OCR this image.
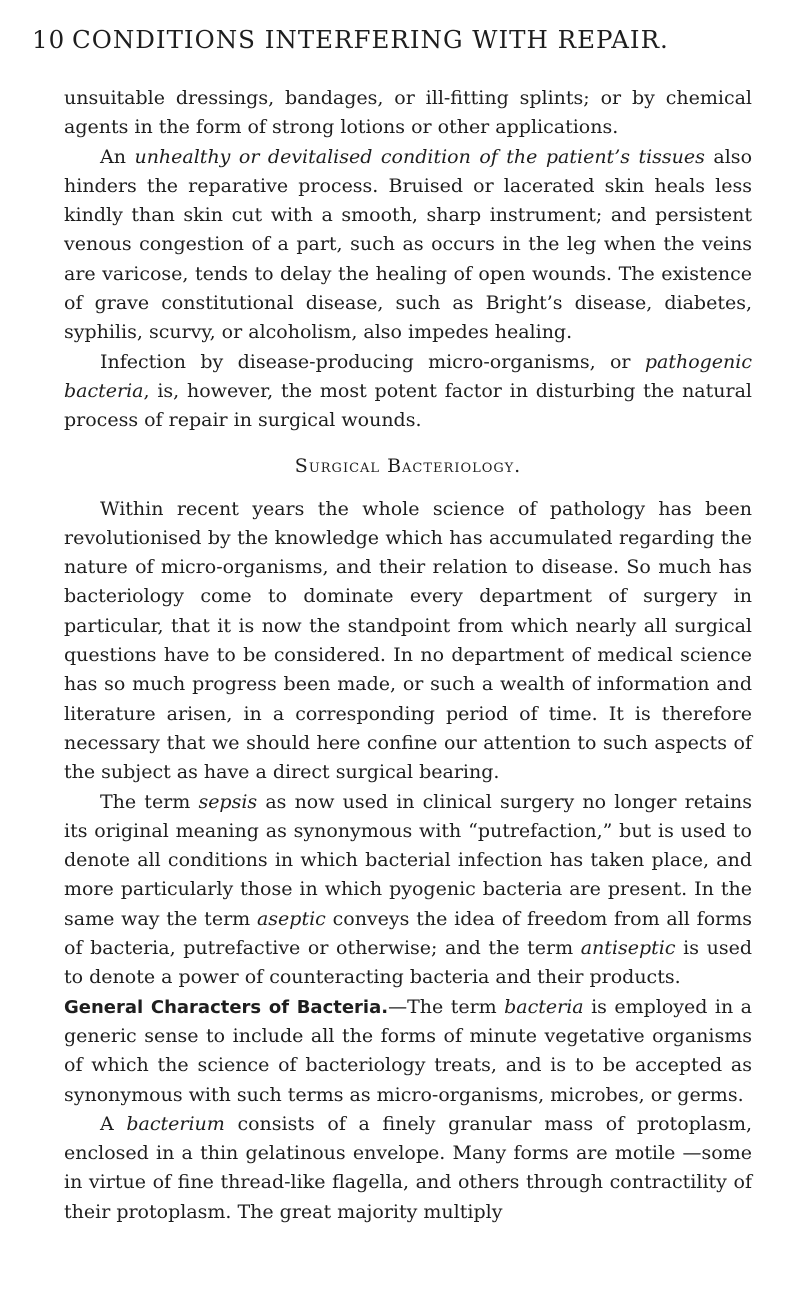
10 CONDITIONS INTERFERING WITH REPAIR.

unsuitable dressings, bandages, or ill-fitting splints; or by chemical agents in the form of strong lotions or other applications.

An unhealthy or devitalised condition of the patient’s tissues also hinders the reparative process. Bruised or lacerated skin heals less kindly than skin cut with a smooth, sharp instrument; and persistent venous congestion of a part, such as occurs in the leg when the veins are varicose, tends to delay the healing of open wounds. The existence of grave constitutional disease, such as Bright’s disease, diabetes, syphilis, scurvy, or alcoholism, also impedes healing.

Infection by disease-producing micro-organisms, or pathogenic bacteria, is, however, the most potent factor in disturbing the natural process of repair in surgical wounds.

Surgical Bacteriology.

Within recent years the whole science of pathology has been revolutionised by the knowledge which has accumulated regarding the nature of micro-organisms, and their relation to disease. So much has bacteriology come to dominate every department of surgery in particular, that it is now the standpoint from which nearly all surgical questions have to be considered. In no department of medical science has so much progress been made, or such a wealth of information and literature arisen, in a corresponding period of time. It is therefore necessary that we should here confine our attention to such aspects of the subject as have a direct surgical bearing.

The term sepsis as now used in clinical surgery no longer retains its original meaning as synonymous with “putrefaction,” but is used to denote all conditions in which bacterial infection has taken place, and more particularly those in which pyogenic bacteria are present. In the same way the term aseptic conveys the idea of freedom from all forms of bacteria, putrefactive or otherwise; and the term antiseptic is used to denote a power of counteracting bacteria and their products.

General Characters of Bacteria.—The term bacteria is employed in a generic sense to include all the forms of minute vegetative organisms of which the science of bacteriology treats, and is to be accepted as synonymous with such terms as micro-organisms, microbes, or germs.

A bacterium consists of a finely granular mass of protoplasm, enclosed in a thin gelatinous envelope. Many forms are motile —some in virtue of fine thread-like flagella, and others through contractility of their protoplasm. The great majority multiply
